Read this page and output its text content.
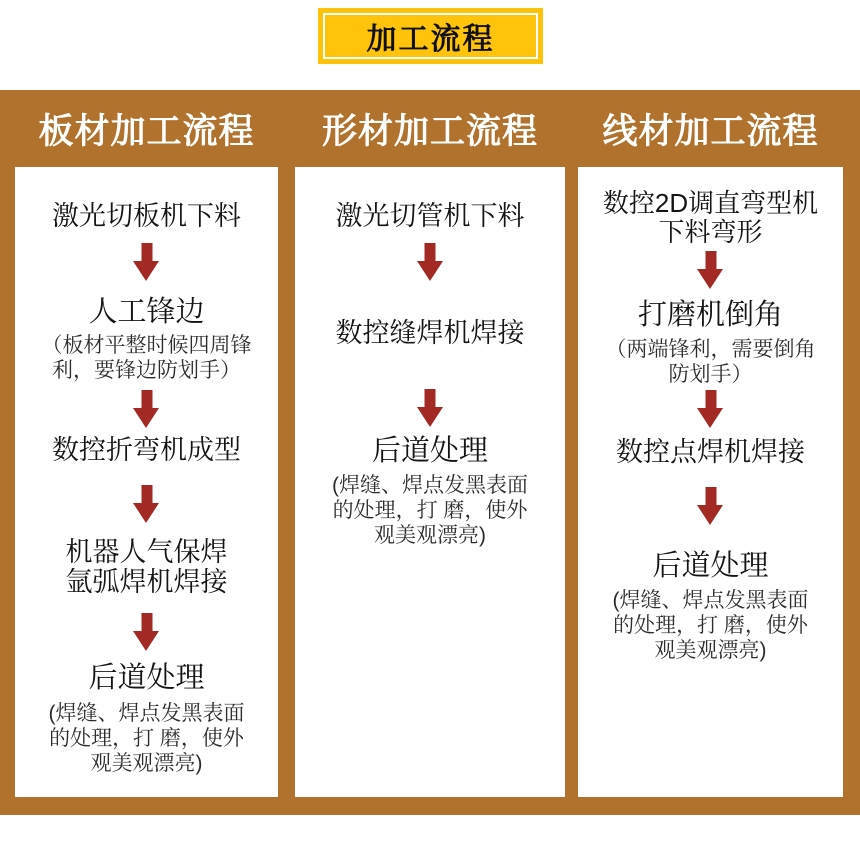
加工流程
板材加工流程
激光切板机下料
人工锋边
（板材平整时候四周锋
利，要锋边防划手）
数控折弯机成型
机器人气保焊
氩弧焊机焊接
后道处理
(焊缝、焊点发黑表面
的处理，打 磨，使外
观美观漂亮)
形材加工流程
激光切管机下料
数控缝焊机焊接
后道处理
(焊缝、焊点发黑表面
的处理，打 磨，使外
观美观漂亮)
线材加工流程
数控2D调直弯型机
下料弯形
打磨机倒角
（两端锋利，需要倒角
防划手）
数控点焊机焊接
后道处理
(焊缝、焊点发黑表面
的处理，打 磨，使外
观美观漂亮)
